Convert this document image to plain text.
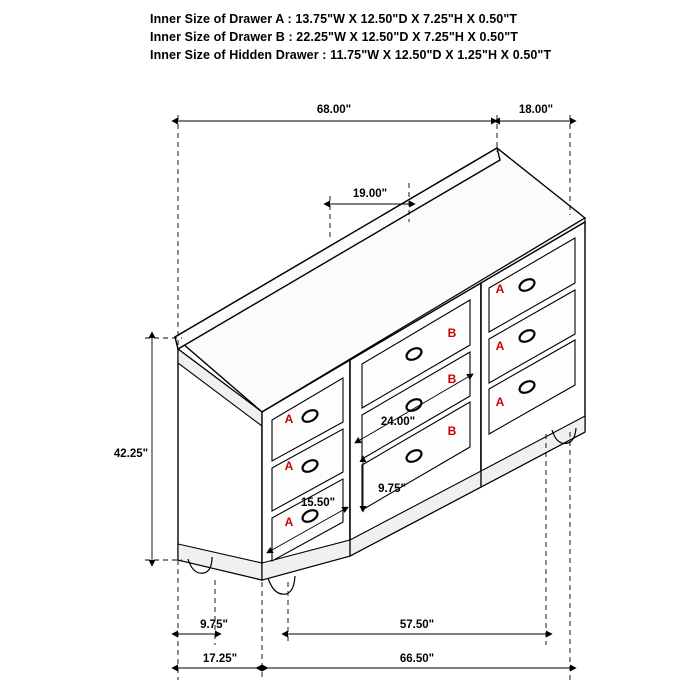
Inner Size of Drawer A : 13.75"W X 12.50"D X 7.25"H X 0.50"T
Inner Size of Drawer B : 22.25"W X 12.50"D X 7.25"H X 0.50"T
Inner Size of Hidden Drawer : 11.75"W X 12.50"D X 1.25"H X 0.50"T
68.00"	18.00"
19.00"
42.25"
24.00"
15.50"
9.75"
9.75"	57.50"
17.25"	66.50"
A
A
A
B
B
B
A
A
A
